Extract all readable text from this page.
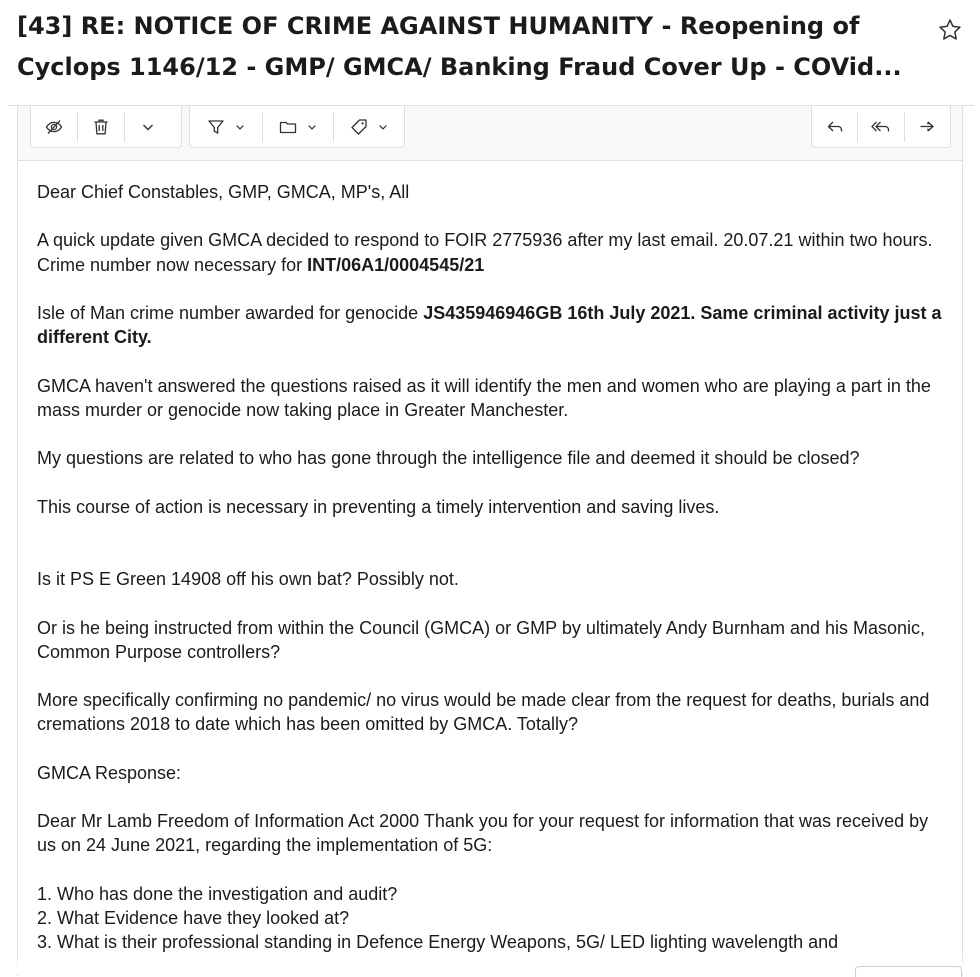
[43] RE: NOTICE OF CRIME AGAINST HUMANITY - Reopening of
Cyclops 1146/12 - GMP/ GMCA/ Banking Fraud Cover Up - COVid...

Dear Chief Constables, GMP, GMCA, MP's, All

A quick update given GMCA decided to respond to FOIR 2775936 after my last email. 20.07.21 within two hours. Crime number now necessary for INT/06A1/0004545/21

Isle of Man crime number awarded for genocide JS435946946GB 16th July 2021. Same criminal activity just a different City.

GMCA haven't answered the questions raised as it will identify the men and women who are playing a part in the mass murder or genocide now taking place in Greater Manchester.

My questions are related to who has gone through the intelligence file and deemed it should be closed?

This course of action is necessary in preventing a timely intervention and saving lives.

Is it PS E Green 14908 off his own bat? Possibly not.

Or is he being instructed from within the Council (GMCA) or GMP by ultimately Andy Burnham and his Masonic, Common Purpose controllers?

More specifically confirming no pandemic/ no virus would be made clear from the request for deaths, burials and cremations 2018 to date which has been omitted by GMCA. Totally?

GMCA Response:

Dear Mr Lamb Freedom of Information Act 2000 Thank you for your request for information that was received by us on 24 June 2021, regarding the implementation of 5G:

1. Who has done the investigation and audit?
2. What Evidence have they looked at?
3. What is their professional standing in Defence Energy Weapons, 5G/ LED lighting wavelength and
